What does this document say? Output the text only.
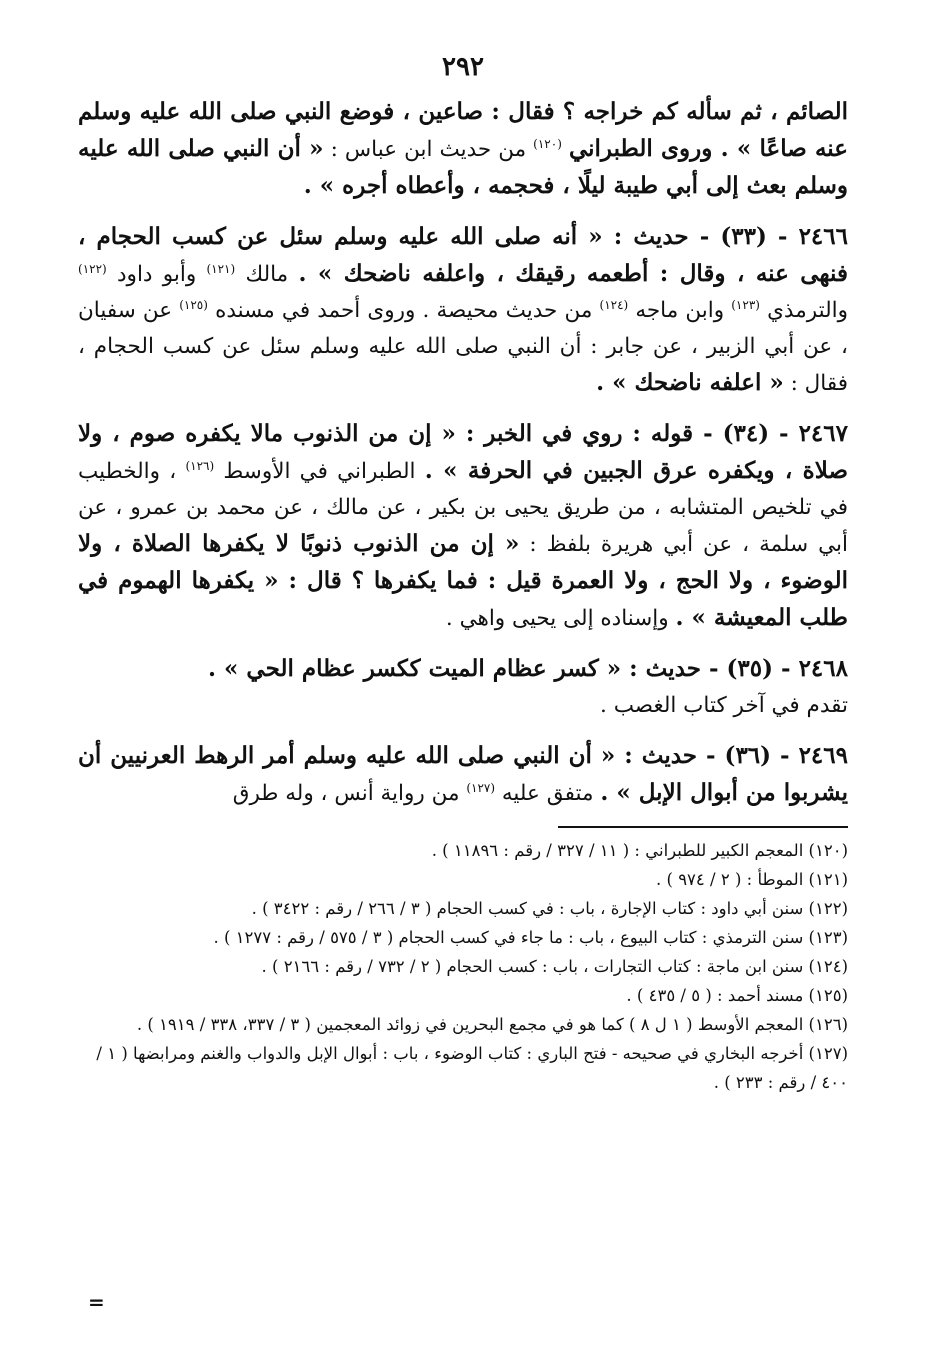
٢٩٢

الصائم ، ثم سأله كم خراجه ؟ فقال : صاعين ، فوضع النبي صلى الله عليه وسلم عنه صاعًا » . وروى الطبراني $^{(١٢٠)}$ من حديث ابن عباس : « أن النبي صلى الله عليه وسلم بعث إلى أبي طيبة ليلًا ، فحجمه ، وأعطاه أجره » .

٢٤٦٦ - (٣٣) - حديث : « أنه صلى الله عليه وسلم سئل عن كسب الحجام ، فنهى عنه ، وقال : أطعمه رقيقك ، واعلفه ناضحك » . مالك $^{(١٢١)}$ وأبو داود $^{(١٢٢)}$ والترمذي $^{(١٢٣)}$ وابن ماجه $^{(١٢٤)}$ من حديث محيصة . وروى أحمد في مسنده $^{(١٢٥)}$ عن سفيان ، عن أبي الزبير ، عن جابر : أن النبي صلى الله عليه وسلم سئل عن كسب الحجام ، فقال : « اعلفه ناضحك » .

٢٤٦٧ - (٣٤) - قوله : روي في الخبر : « إن من الذنوب مالا يكفره صوم ، ولا صلاة ، ويكفره عرق الجبين في الحرفة » . الطبراني في الأوسط $^{(١٢٦)}$ ، والخطيب في تلخيص المتشابه ، من طريق يحيى بن بكير ، عن مالك ، عن محمد بن عمرو ، عن أبي سلمة ، عن أبي هريرة بلفظ : « إن من الذنوب ذنوبًا لا يكفرها الصلاة ، ولا الوضوء ، ولا الحج ، ولا العمرة قيل : فما يكفرها ؟ قال : « يكفرها الهموم في طلب المعيشة » . وإسناده إلى يحيى واهي .

٢٤٦٨ - (٣٥) - حديث : « كسر عظام الميت ككسر عظام الحي » .
تقدم في آخر كتاب الغصب .

٢٤٦٩ - (٣٦) - حديث : « أن النبي صلى الله عليه وسلم أمر الرهط العرنيين أن يشربوا من أبوال الإبل » . متفق عليه $^{(١٢٧)}$ من رواية أنس ، وله طرق

(١٢٠) المعجم الكبير للطبراني : ( ١١ / ٣٢٧ / رقم : ١١٨٩٦ ) .

(١٢١) الموطأ : ( ٢ / ٩٧٤ ) .

(١٢٢) سنن أبي داود : كتاب الإجارة ، باب : في كسب الحجام ( ٣ / ٢٦٦ / رقم : ٣٤٢٢ ) .

(١٢٣) سنن الترمذي : كتاب البيوع ، باب : ما جاء في كسب الحجام ( ٣ / ٥٧٥ / رقم : ١٢٧٧ ) .

(١٢٤) سنن ابن ماجة : كتاب التجارات ، باب : كسب الحجام ( ٢ / ٧٣٢ / رقم : ٢١٦٦ ) .

(١٢٥) مسند أحمد : ( ٥ / ٤٣٥ ) .

(١٢٦) المعجم الأوسط ( ١ ل ٨ ) كما هو في مجمع البحرين في زوائد المعجمين ( ٣ / ٣٣٧، ٣٣٨ / ١٩١٩ ) .

(١٢٧) أخرجه البخاري في صحيحه - فتح الباري : كتاب الوضوء ، باب : أبوال الإبل والدواب والغنم ومرابضها ( ١ / ٤٠٠ / رقم : ٢٣٣ ) .

=
